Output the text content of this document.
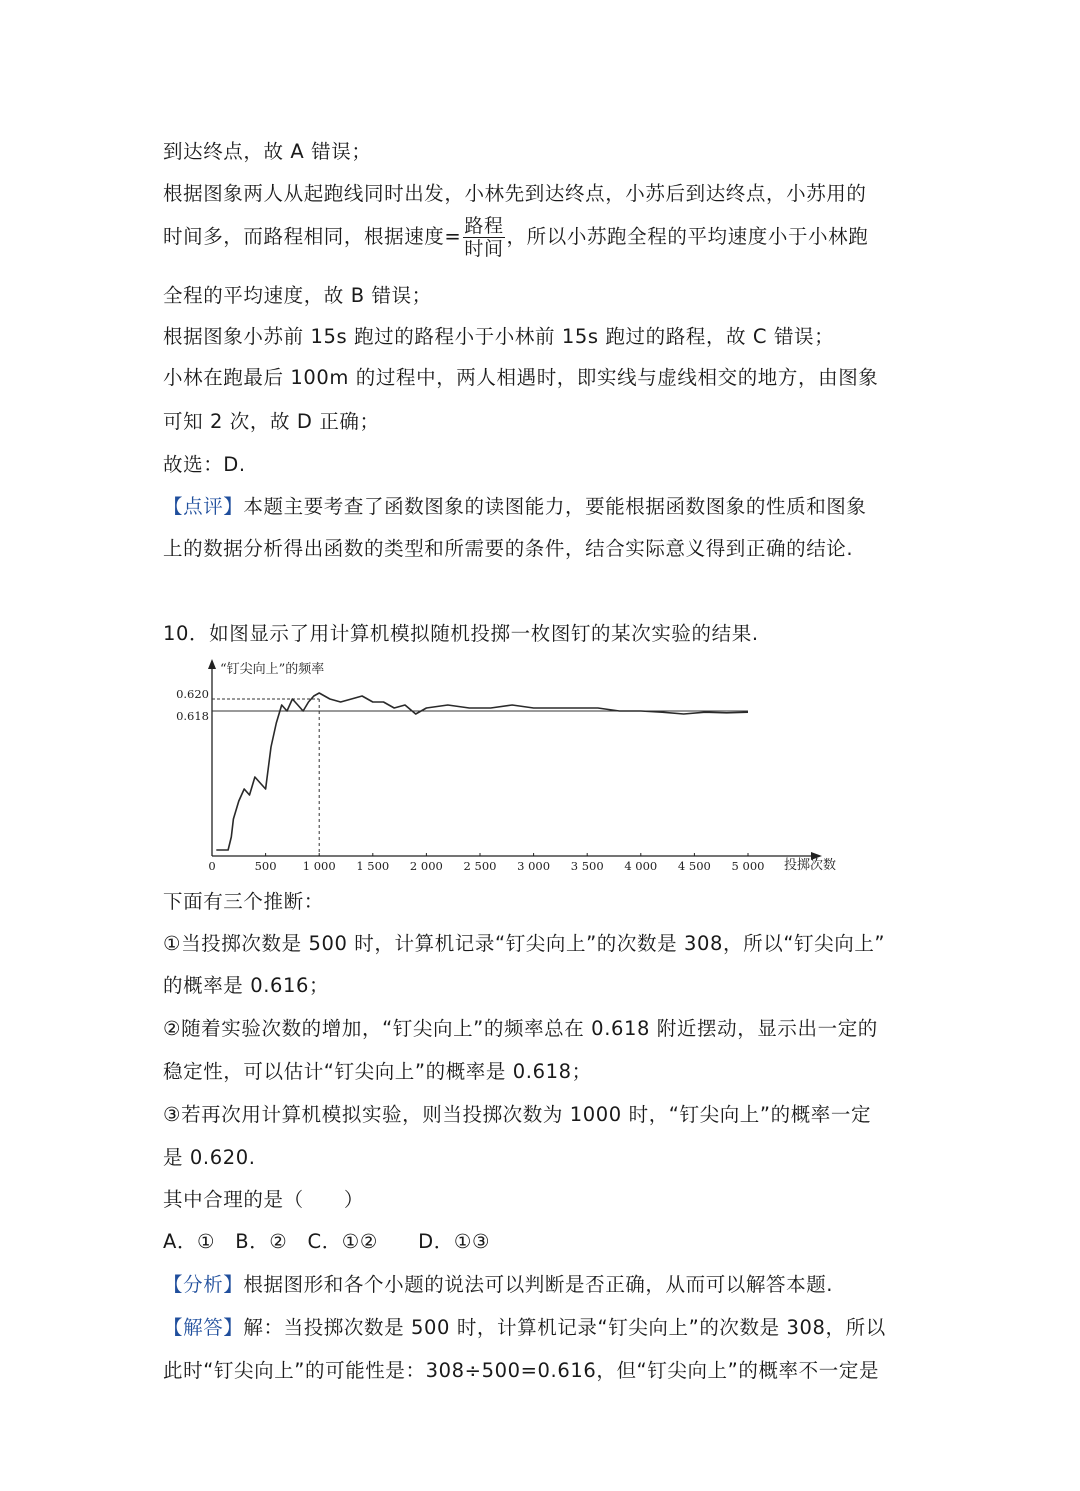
到达终点，故 A 错误；
根据图象两人从起跑线同时出发，小林先到达终点，小苏后到达终点，小苏用的
时间多，而路程相同，根据速度= $\frac{\text{路程}}{\text{时间}}$ ，所以小苏跑全程的平均速度小于小林跑
全程的平均速度，故 B 错误；
根据图象小苏前 15s 跑过的路程小于小林前 15s 跑过的路程，故 C 错误；
小林在跑最后 100m 的过程中，两人相遇时，即实线与虚线相交的地方，由图象
可知 2 次，故 D 正确；
故选：D.
【点评】本题主要考查了函数图象的读图能力，要能根据函数图象的性质和图象
上的数据分析得出函数的类型和所需要的条件，结合实际意义得到正确的结论.
10．如图显示了用计算机模拟随机投掷一枚图钉的某次实验的结果.
“钉尖向上”的频率
投掷次数
0.618
0.620
0	500 1 000 1 500 2 000 2 500 3 000 3 500 4 000 4 500 5 000
下面有三个推断：
①当投掷次数是 500 时，计算机记录“钉尖向上”的次数是 308，所以“钉尖向上”
的概率是 0.616；
②随着实验次数的增加，“钉尖向上”的频率总在 0.618 附近摆动，显示出一定的
稳定性，可以估计“钉尖向上”的概率是 0.618；
③若再次用计算机模拟实验，则当投掷次数为 1000 时，“钉尖向上”的概率一定
是 0.620.
其中合理的是（　　）
A．①　B．②　C．①②　　D．①③
【分析】根据图形和各个小题的说法可以判断是否正确，从而可以解答本题.
【解答】解：当投掷次数是 500 时，计算机记录“钉尖向上”的次数是 308，所以
此时“钉尖向上”的可能性是：308÷500=0.616，但“钉尖向上”的概率不一定是
